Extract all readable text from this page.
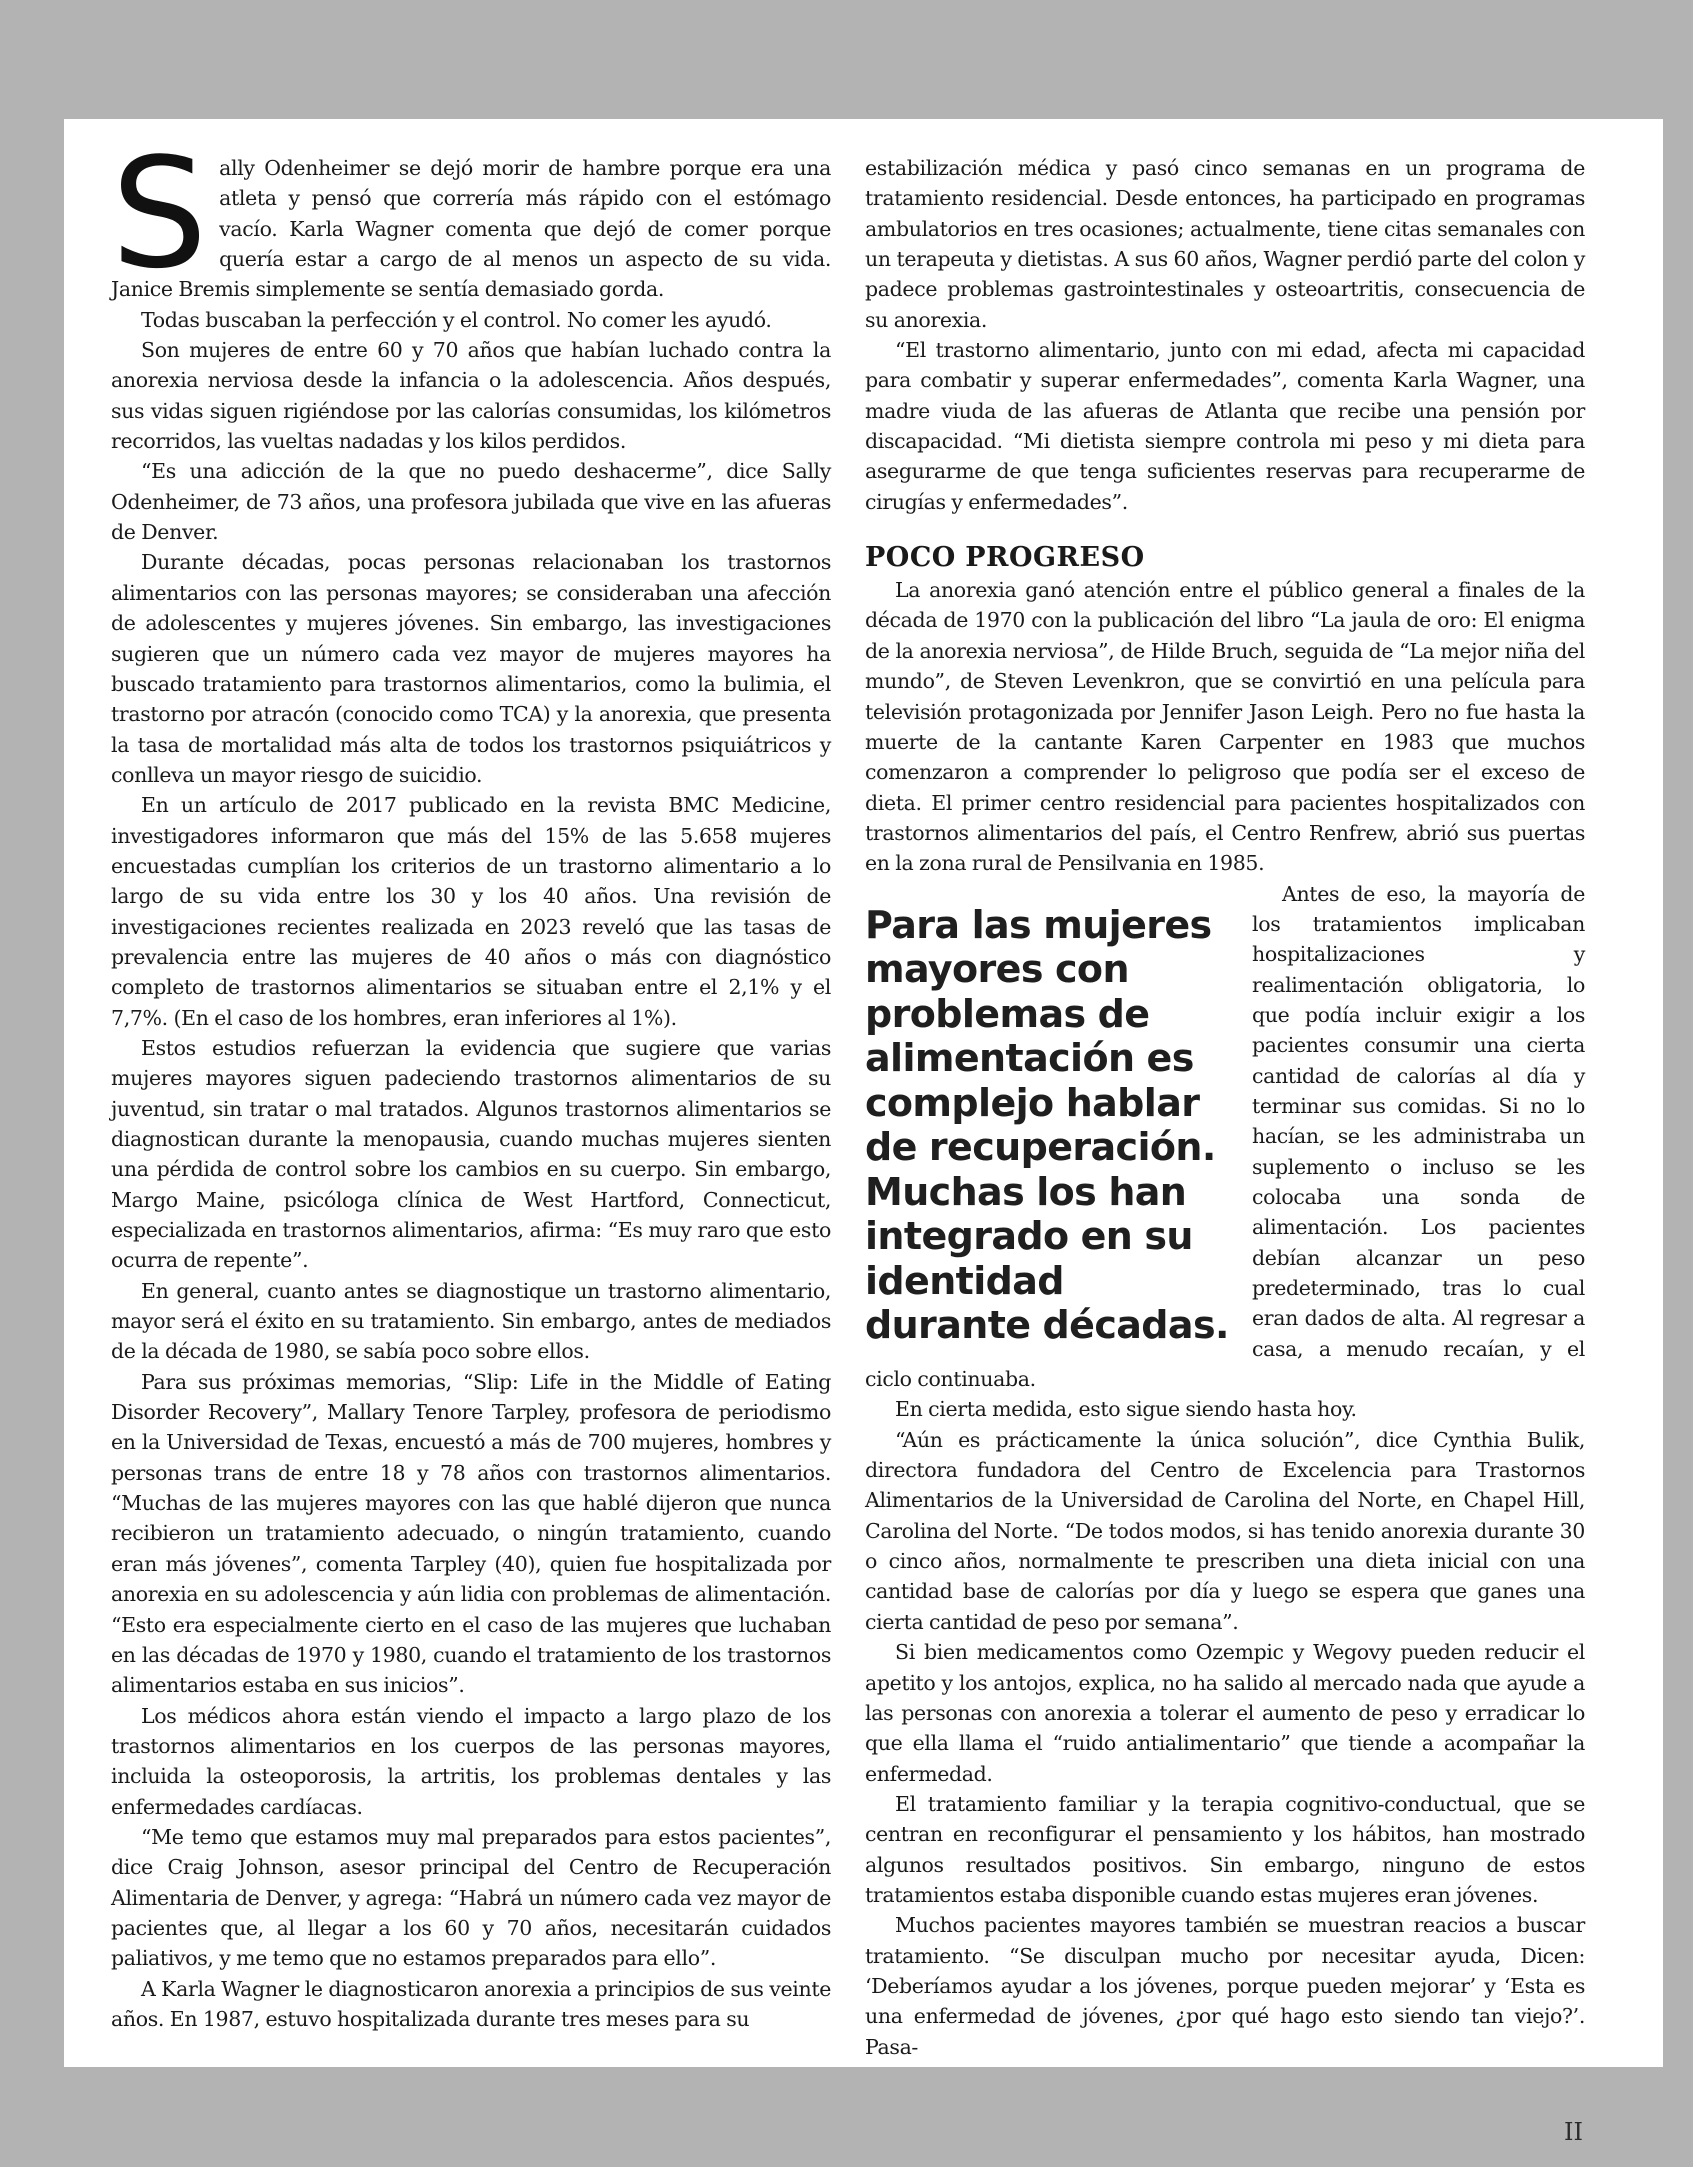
Sally Odenheimer se dejó morir de hambre porque era una atleta y pensó que correría más rápido con el estómago vacío. Karla Wagner comenta que dejó de comer porque quería estar a cargo de al menos un aspecto de su vida. Janice Bremis simplemente se sentía demasiado gorda.

Todas buscaban la perfección y el control. No comer les ayudó.

Son mujeres de entre 60 y 70 años que habían luchado contra la anorexia nerviosa desde la infancia o la adolescencia. Años después, sus vidas siguen rigiéndose por las calorías consumidas, los kilómetros recorridos, las vueltas nadadas y los kilos perdidos.

“Es una adicción de la que no puedo deshacerme”, dice Sally Odenheimer, de 73 años, una profesora jubilada que vive en las afueras de Denver.

Durante décadas, pocas personas relacionaban los trastornos alimentarios con las personas mayores; se consideraban una afección de adolescentes y mujeres jóvenes. Sin embargo, las investigaciones sugieren que un número cada vez mayor de mujeres mayores ha buscado tratamiento para trastornos alimentarios, como la bulimia, el trastorno por atracón (conocido como TCA) y la anorexia, que presenta la tasa de mortalidad más alta de todos los trastornos psiquiátricos y conlleva un mayor riesgo de suicidio.

En un artículo de 2017 publicado en la revista BMC Medicine, investigadores informaron que más del 15% de las 5.658 mujeres encuestadas cumplían los criterios de un trastorno alimentario a lo largo de su vida entre los 30 y los 40 años. Una revisión de investigaciones recientes realizada en 2023 reveló que las tasas de prevalencia entre las mujeres de 40 años o más con diagnóstico completo de trastornos alimentarios se situaban entre el 2,1% y el 7,7%. (En el caso de los hombres, eran inferiores al 1%).

Estos estudios refuerzan la evidencia que sugiere que varias mujeres mayores siguen padeciendo trastornos alimentarios de su juventud, sin tratar o mal tratados. Algunos trastornos alimentarios se diagnostican durante la menopausia, cuando muchas mujeres sienten una pérdida de control sobre los cambios en su cuerpo. Sin embargo, Margo Maine, psicóloga clínica de West Hartford, Connecticut, especializada en trastornos alimentarios, afirma: “Es muy raro que esto ocurra de repente”.

En general, cuanto antes se diagnostique un trastorno alimentario, mayor será el éxito en su tratamiento. Sin embargo, antes de mediados de la década de 1980, se sabía poco sobre ellos.

Para sus próximas memorias, “Slip: Life in the Middle of Eating Disorder Recovery”, Mallary Tenore Tarpley, profesora de periodismo en la Universidad de Texas, encuestó a más de 700 mujeres, hombres y personas trans de entre 18 y 78 años con trastornos alimentarios. “Muchas de las mujeres mayores con las que hablé dijeron que nunca recibieron un tratamiento adecuado, o ningún tratamiento, cuando eran más jóvenes”, comenta Tarpley (40), quien fue hospitalizada por anorexia en su adolescencia y aún lidia con problemas de alimentación. “Esto era especialmente cierto en el caso de las mujeres que luchaban en las décadas de 1970 y 1980, cuando el tratamiento de los trastornos alimentarios estaba en sus inicios”.

Los médicos ahora están viendo el impacto a largo plazo de los trastornos alimentarios en los cuerpos de las personas mayores, incluida la osteoporosis, la artritis, los problemas dentales y las enfermedades cardíacas.

“Me temo que estamos muy mal preparados para estos pacientes”, dice Craig Johnson, asesor principal del Centro de Recuperación Alimentaria de Denver, y agrega: “Habrá un número cada vez mayor de pacientes que, al llegar a los 60 y 70 años, necesitarán cuidados paliativos, y me temo que no estamos preparados para ello”.

A Karla Wagner le diagnosticaron anorexia a principios de sus veinte años. En 1987, estuvo hospitalizada durante tres meses para su

estabilización médica y pasó cinco semanas en un programa de tratamiento residencial. Desde entonces, ha participado en programas ambulatorios en tres ocasiones; actualmente, tiene citas semanales con un terapeuta y dietistas. A sus 60 años, Wagner perdió parte del colon y padece problemas gastrointestinales y osteoartritis, consecuencia de su anorexia.

“El trastorno alimentario, junto con mi edad, afecta mi capacidad para combatir y superar enfermedades”, comenta Karla Wagner, una madre viuda de las afueras de Atlanta que recibe una pensión por discapacidad. “Mi dietista siempre controla mi peso y mi dieta para asegurarme de que tenga suficientes reservas para recuperarme de cirugías y enfermedades”.

POCO PROGRESO

La anorexia ganó atención entre el público general a finales de la década de 1970 con la publicación del libro “La jaula de oro: El enigma de la anorexia nerviosa”, de Hilde Bruch, seguida de “La mejor niña del mundo”, de Steven Levenkron, que se convirtió en una película para televisión protagonizada por Jennifer Jason Leigh. Pero no fue hasta la muerte de la cantante Karen Carpenter en 1983 que muchos comenzaron a comprender lo peligroso que podía ser el exceso de dieta. El primer centro residencial para pacientes hospitalizados con trastornos alimentarios del país, el Centro Renfrew, abrió sus puertas en la zona rural de Pensilvania en 1985.

Para las mujeres mayores con problemas de alimentación es complejo hablar de recuperación. Muchas los han integrado en su identidad durante décadas.

Antes de eso, la mayoría de los tratamientos implicaban hospitalizaciones y realimentación obligatoria, lo que podía incluir exigir a los pacientes consumir una cierta cantidad de calorías al día y terminar sus comidas. Si no lo hacían, se les administraba un suplemento o incluso se les colocaba una sonda de alimentación. Los pacientes debían alcanzar un peso predeterminado, tras lo cual eran dados de alta. Al regresar a casa, a menudo recaían, y el ciclo continuaba.

En cierta medida, esto sigue siendo hasta hoy.

“Aún es prácticamente la única solución”, dice Cynthia Bulik, directora fundadora del Centro de Excelencia para Trastornos Alimentarios de la Universidad de Carolina del Norte, en Chapel Hill, Carolina del Norte. “De todos modos, si has tenido anorexia durante 30 o cinco años, normalmente te prescriben una dieta inicial con una cantidad base de calorías por día y luego se espera que ganes una cierta cantidad de peso por semana”.

Si bien medicamentos como Ozempic y Wegovy pueden reducir el apetito y los antojos, explica, no ha salido al mercado nada que ayude a las personas con anorexia a tolerar el aumento de peso y erradicar lo que ella llama el “ruido antialimentario” que tiende a acompañar la enfermedad.

El tratamiento familiar y la terapia cognitivo-conductual, que se centran en reconfigurar el pensamiento y los hábitos, han mostrado algunos resultados positivos. Sin embargo, ninguno de estos tratamientos estaba disponible cuando estas mujeres eran jóvenes.

Muchos pacientes mayores también se muestran reacios a buscar tratamiento. “Se disculpan mucho por necesitar ayuda, Dicen: ‘Deberíamos ayudar a los jóvenes, porque pueden mejorar’ y ‘Esta es una enfermedad de jóvenes, ¿por qué hago esto siendo tan viejo?’. Pasa-

II
